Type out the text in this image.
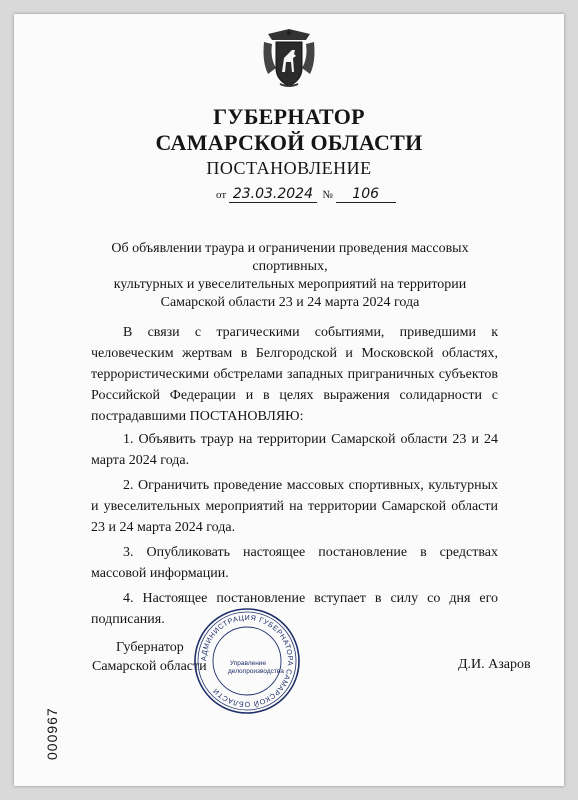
ГУБЕРНАТОР
САМАРСКОЙ ОБЛАСТИ
ПОСТАНОВЛЕНИЕ
от 23.03.2024 № 106
Об объявлении траура и ограничении проведения массовых спортивных,
культурных и увеселительных мероприятий на территории
Самарской области 23 и 24 марта 2024 года

В связи с трагическими событиями, приведшими к человеческим жертвам в Белгородской и Московской областях, террористическими обстрелами западных приграничных субъектов Российской Федерации и в целях выражения солидарности с пострадавшими ПОСТАНОВЛЯЮ:

1. Объявить траур на территории Самарской области 23 и 24 марта 2024 года.

2. Ограничить проведение массовых спортивных, культурных и увеселительных мероприятий на территории Самарской области 23 и 24 марта 2024 года.

3. Опубликовать настоящее постановление в средствах массовой информации.

4. Настоящее постановление вступает в силу со дня его подписания.

Губернатор
Самарской области
АДМИНИСТРАЦИЯ ГУБЕРНАТОРА САМАРСКОЙ ОБЛАСТИ
Управление
делопроизводства	Д.И. Азаров
000967
